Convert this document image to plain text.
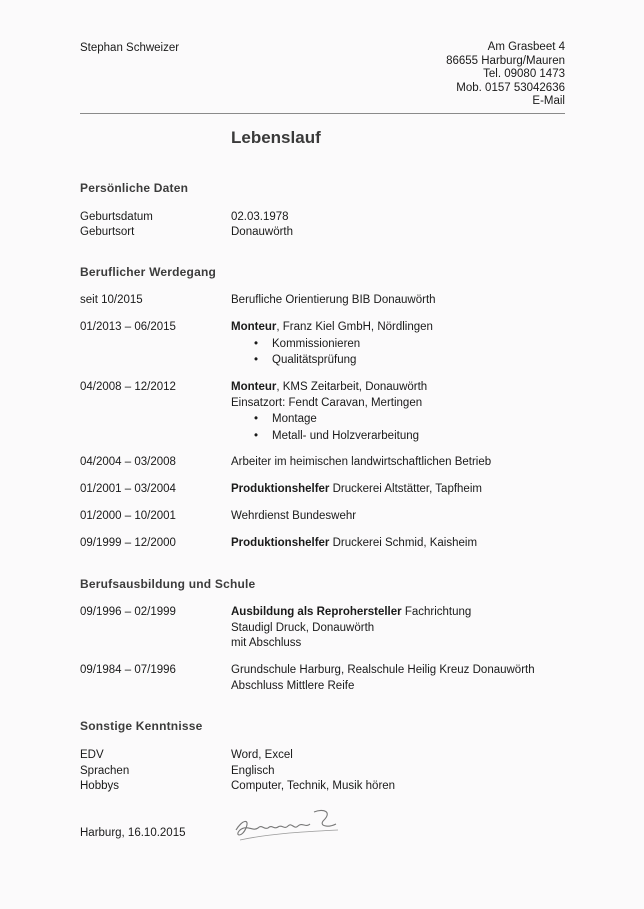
Stephan Schweizer	Am Grasbeet 4
86655 Harburg/Mauren
Tel. 09080 1473
Mob. 0157 53042636
E-Mail
Lebenslauf
Persönliche Daten
Geburtsdatum	02.03.1978
Geburtsort	Donauwörth
Beruflicher Werdegang
seit 10/2015	Berufliche Orientierung BIB Donauwörth
01/2013 – 06/2015	Monteur, Franz Kiel GmbH, Nördlingen
• Kommissionieren
• Qualitätsprüfung
04/2008 – 12/2012	Monteur, KMS Zeitarbeit, Donauwörth
Einsatzort: Fendt Caravan, Mertingen
• Montage
• Metall- und Holzverarbeitung
04/2004 – 03/2008	Arbeiter im heimischen landwirtschaftlichen Betrieb
01/2001 – 03/2004	Produktionshelfer Druckerei Altstätter, Tapfheim
01/2000 – 10/2001	Wehrdienst Bundeswehr
09/1999 – 12/2000	Produktionshelfer Druckerei Schmid, Kaisheim
Berufsausbildung und Schule
09/1996 – 02/1999	Ausbildung als Reprohersteller Fachrichtung
Staudigl Druck, Donauwörth
mit Abschluss
09/1984 – 07/1996	Grundschule Harburg, Realschule Heilig Kreuz Donauwörth
Abschluss Mittlere Reife
Sonstige Kenntnisse
EDV	Word, Excel
Sprachen	Englisch
Hobbys	Computer, Technik, Musik hören
Harburg, 16.10.2015
